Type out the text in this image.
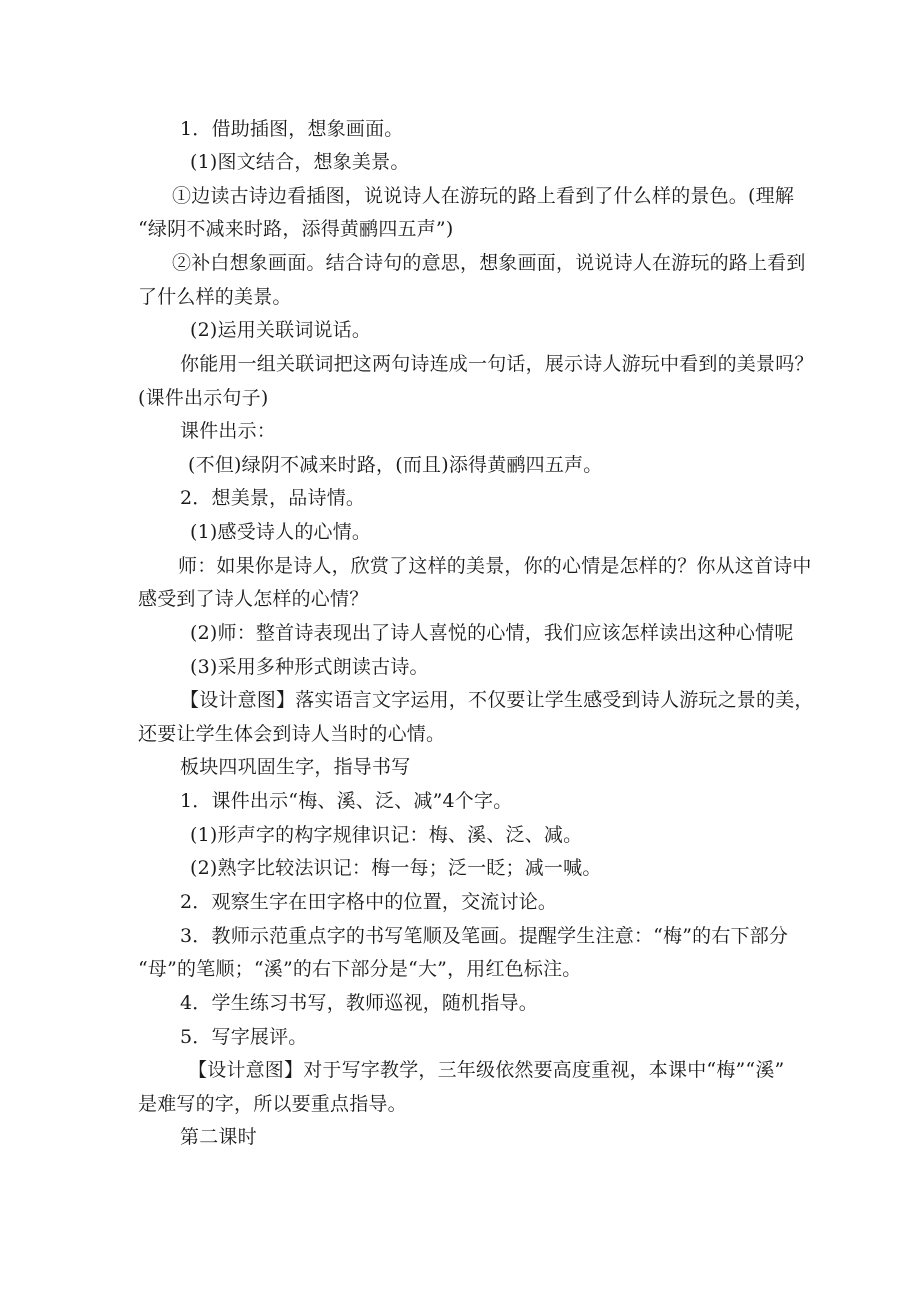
1．借助插图，想象画面。
(1)图文结合，想象美景。
①边读古诗边看插图，说说诗人在游玩的路上看到了什么样的景色。(理解
“绿阴不减来时路，添得黄鹂四五声”)
②补白想象画面。结合诗句的意思，想象画面，说说诗人在游玩的路上看到
了什么样的美景。
(2)运用关联词说话。
你能用一组关联词把这两句诗连成一句话，展示诗人游玩中看到的美景吗？
(课件出示句子)
课件出示：
(不但)绿阴不减来时路，(而且)添得黄鹂四五声。
2．想美景，品诗情。
(1)感受诗人的心情。
师：如果你是诗人，欣赏了这样的美景，你的心情是怎样的？你从这首诗中
感受到了诗人怎样的心情？
(2)师：整首诗表现出了诗人喜悦的心情，我们应该怎样读出这种心情呢
(3)采用多种形式朗读古诗。
【设计意图】落实语言文字运用，不仅要让学生感受到诗人游玩之景的美，
还要让学生体会到诗人当时的心情。
板块四巩固生字，指导书写
1．课件出示“梅、溪、泛、减”4个字。
(1)形声字的构字规律识记：梅、溪、泛、减。
(2)熟字比较法识记：梅一每；泛一眨；减一喊。
2．观察生字在田字格中的位置，交流讨论。
3．教师示范重点字的书写笔顺及笔画。提醒学生注意：“梅”的右下部分
“母”的笔顺；“溪”的右下部分是“大”，用红色标注。
4．学生练习书写，教师巡视，随机指导。
5．写字展评。
【设计意图】对于写字教学，三年级依然要高度重视，本课中“梅”“溪”
是难写的字，所以要重点指导。
第二课时
